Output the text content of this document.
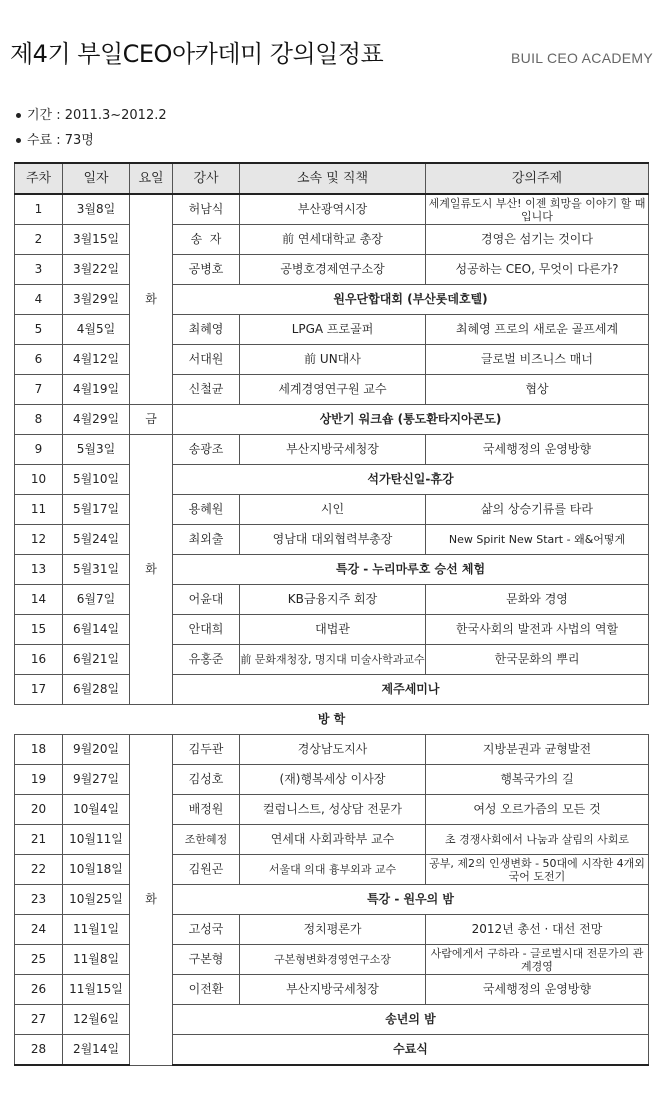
제4기 부일CEO아카데미 강의일정표	BUIL CEO ACADEMY
기간 : 2011.3~2012.2
수료 : 73명
주차	일자	요일	강사	소속 및 직책	강의주제
1	3월8일	화	허남식	부산광역시장	세계일류도시 부산! 이젠 희망을 이야기 할 때입니다
2	3월15일		송  자	前 연세대학교 총장	경영은 섬기는 것이다
3	3월22일		공병호	공병호경제연구소장	성공하는 CEO, 무엇이 다른가?
4	3월29일		원우단합대회 (부산롯데호텔)		
5	4월5일		최혜영	LPGA 프로골퍼	최혜영 프로의 새로운 골프세계
6	4월12일		서대원	前 UN대사	글로벌 비즈니스 매너
7	4월19일		신철균	세계경영연구원 교수	협상
8	4월29일	금	상반기 워크숍 (통도환타지아콘도)		
9	5월3일	화	송광조	부산지방국세청장	국세행정의 운영방향
10	5월10일		석가탄신일-휴강		
11	5월17일		용혜원	시인	삶의 상승기류를 타라
12	5월24일		최외출	영남대 대외협력부총장	New Spirit New Start - 왜&어떻게
13	5월31일		특강 - 누리마루호 승선 체험		
14	6월7일		어윤대	KB금융지주 회장	문화와 경영
15	6월14일		안대희	대법관	한국사회의 발전과 사법의 역할
16	6월21일		유홍준	前 문화재청장, 명지대 미술사학과교수	한국문화의 뿌리
17	6월28일		제주세미나		
방 학					
18	9월20일	화	김두관	경상남도지사	지방분권과 균형발전
19	9월27일		김성호	(재)행복세상 이사장	행복국가의 길
20	10월4일		배정원	컬럼니스트, 성상담 전문가	여성 오르가즘의 모든 것
21	10월11일		조한혜정	연세대 사회과학부 교수	초 경쟁사회에서 나눔과 살림의 사회로
22	10월18일		김원곤	서울대 의대 흉부외과 교수	공부, 제2의 인생변화 - 50대에 시작한 4개외국어 도전기
23	10월25일		특강 - 원우의 밤		
24	11월1일		고성국	정치평론가	2012년 총선 · 대선 전망
25	11월8일		구본형	구본형변화경영연구소장	사람에게서 구하라 - 글로벌시대 전문가의 관계경영
26	11월15일		이전환	부산지방국세청장	국세행정의 운영방향
27	12월6일		송년의 밤		
28	2월14일		수료식		
